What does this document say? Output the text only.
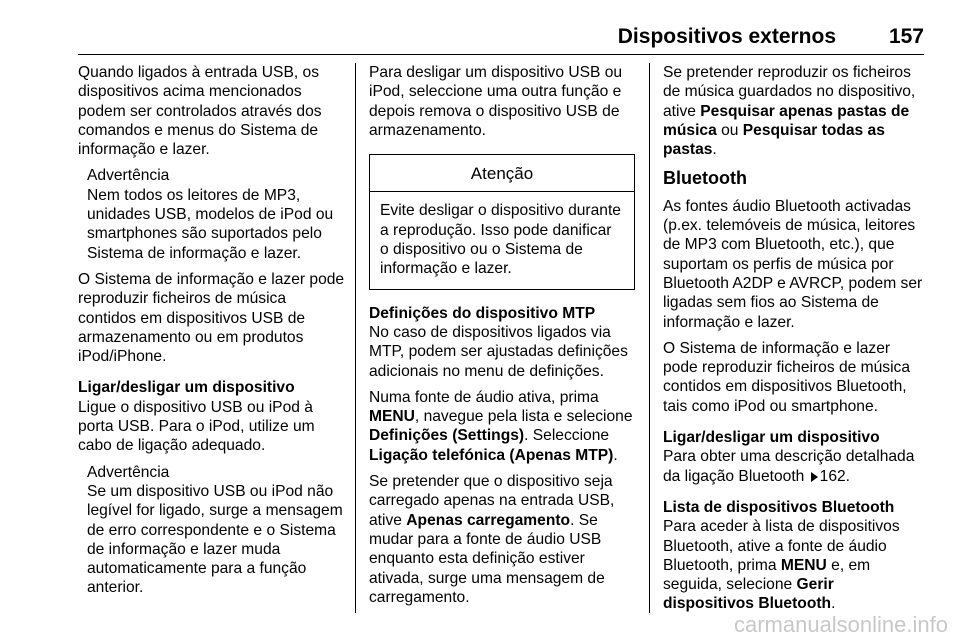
Dispositivos externos	157

Quando ligados à entrada USB, os dispositivos acima mencionados podem ser controlados através dos comandos e menus do Sistema de informação e lazer.

Advertência

Nem todos os leitores de MP3, unidades USB, modelos de iPod ou smartphones são suportados pelo Sistema de informação e lazer.

O Sistema de informação e lazer pode reproduzir ficheiros de música contidos em dispositivos USB de armazenamento ou em produtos iPod/iPhone.

Ligar/desligar um dispositivo

Ligue o dispositivo USB ou iPod à porta USB. Para o iPod, utilize um cabo de ligação adequado.

Advertência

Se um dispositivo USB ou iPod não legível for ligado, surge a mensagem de erro correspondente e o Sistema de informação e lazer muda automaticamente para a função anterior.

Para desligar um dispositivo USB ou iPod, seleccione uma outra função e depois remova o dispositivo USB de armazenamento.

Atenção
Evite desligar o dispositivo durante a reprodução. Isso pode danificar o dispositivo ou o Sistema de informação e lazer.

Definições do dispositivo MTP

No caso de dispositivos ligados via MTP, podem ser ajustadas definições adicionais no menu de definições.

Numa fonte de áudio ativa, prima MENU, navegue pela lista e selecione Definições (Settings). Seleccione Ligação telefónica (Apenas MTP).

Se pretender que o dispositivo seja carregado apenas na entrada USB, ative Apenas carregamento. Se mudar para a fonte de áudio USB enquanto esta definição estiver ativada, surge uma mensagem de carregamento.

Se pretender reproduzir os ficheiros de música guardados no dispositivo, ative Pesquisar apenas pastas de música ou Pesquisar todas as pastas.

Bluetooth

As fontes áudio Bluetooth activadas (p.ex. telemóveis de música, leitores de MP3 com Bluetooth, etc.), que suportam os perfis de música por Bluetooth A2DP e AVRCP, podem ser ligadas sem fios ao Sistema de informação e lazer.

O Sistema de informação e lazer pode reproduzir ficheiros de música contidos em dispositivos Bluetooth, tais como iPod ou smartphone.

Ligar/desligar um dispositivo

Para obter uma descrição detalhada da ligação Bluetooth 162.

Lista de dispositivos Bluetooth

Para aceder à lista de dispositivos Bluetooth, ative a fonte de áudio Bluetooth, prima MENU e, em seguida, selecione Gerir dispositivos Bluetooth.

carmanualsonline.info
